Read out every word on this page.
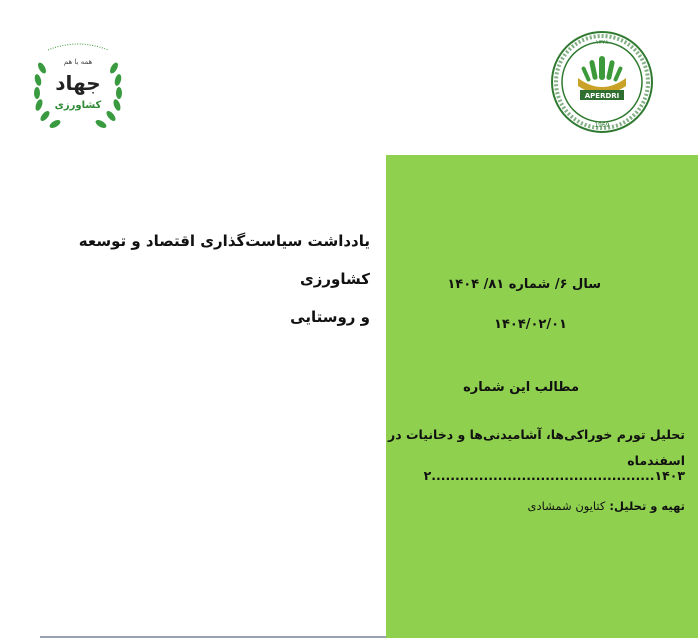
همه با هم
جهاد
کشاورزی
۱۳۲۸
APERDRI
1969
یادداشت سیاست‌گذاری اقتصاد و توسعه کشاورزی
و روستایی
سال ۶/ شماره ۸۱/ ۱۴۰۴
۱۴۰۴/۰۲/۰۱
مطالب این شماره
تحلیل تورم خوراکی‌ها، آشامیدنی‌ها و دخانیات در
اسفندماه ۱۴۰۳...............................................۲
تهیه و تحلیل: کتایون شمشادی
